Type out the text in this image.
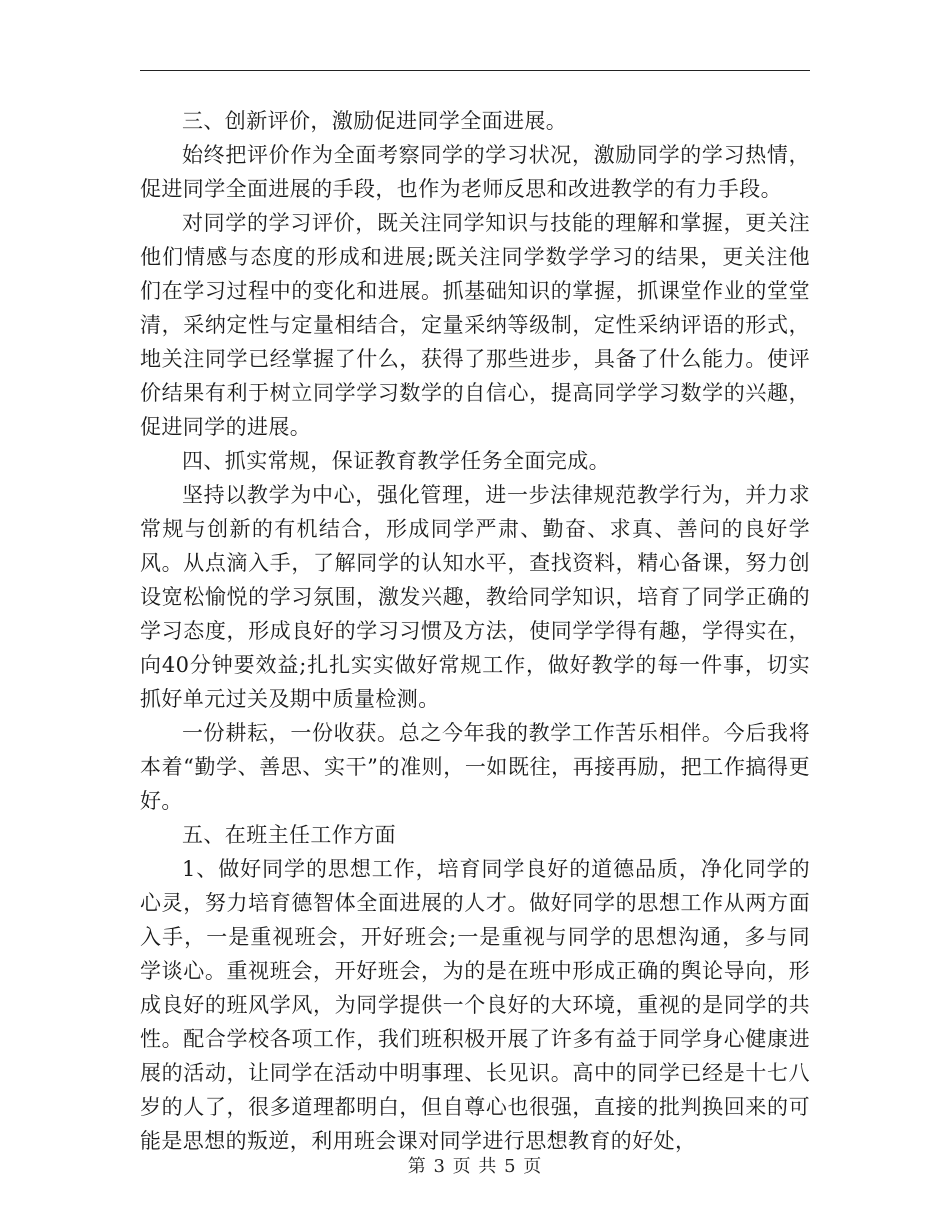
三、创新评价，激励促进同学全面进展。

始终把评价作为全面考察同学的学习状况，激励同学的学习热情，促进同学全面进展的手段，也作为老师反思和改进教学的有力手段。

对同学的学习评价，既关注同学知识与技能的理解和掌握，更关注他们情感与态度的形成和进展;既关注同学数学学习的结果，更关注他们在学习过程中的变化和进展。抓基础知识的掌握，抓课堂作业的堂堂清，采纳定性与定量相结合，定量采纳等级制，定性采纳评语的形式，地关注同学已经掌握了什么，获得了那些进步，具备了什么能力。使评价结果有利于树立同学学习数学的自信心，提高同学学习数学的兴趣，促进同学的进展。

四、抓实常规，保证教育教学任务全面完成。

坚持以教学为中心，强化管理，进一步法律规范教学行为，并力求常规与创新的有机结合，形成同学严肃、勤奋、求真、善问的良好学风。从点滴入手，了解同学的认知水平，查找资料，精心备课，努力创设宽松愉悦的学习氛围，激发兴趣，教给同学知识，培育了同学正确的学习态度，形成良好的学习习惯及方法，使同学学得有趣，学得实在，向40分钟要效益;扎扎实实做好常规工作，做好教学的每一件事，切实抓好单元过关及期中质量检测。

一份耕耘，一份收获。总之今年我的教学工作苦乐相伴。今后我将本着“勤学、善思、实干”的准则，一如既往，再接再励，把工作搞得更好。

五、在班主任工作方面

1、做好同学的思想工作，培育同学良好的道德品质，净化同学的心灵，努力培育德智体全面进展的人才。做好同学的思想工作从两方面入手，一是重视班会，开好班会;一是重视与同学的思想沟通，多与同学谈心。重视班会，开好班会，为的是在班中形成正确的舆论导向，形成良好的班风学风，为同学提供一个良好的大环境，重视的是同学的共性。配合学校各项工作，我们班积极开展了许多有益于同学身心健康进展的活动，让同学在活动中明事理、长见识。高中的同学已经是十七八岁的人了，很多道理都明白，但自尊心也很强，直接的批判换回来的可能是思想的叛逆，利用班会课对同学进行思想教育的好处，

第 3 页 共 5 页
